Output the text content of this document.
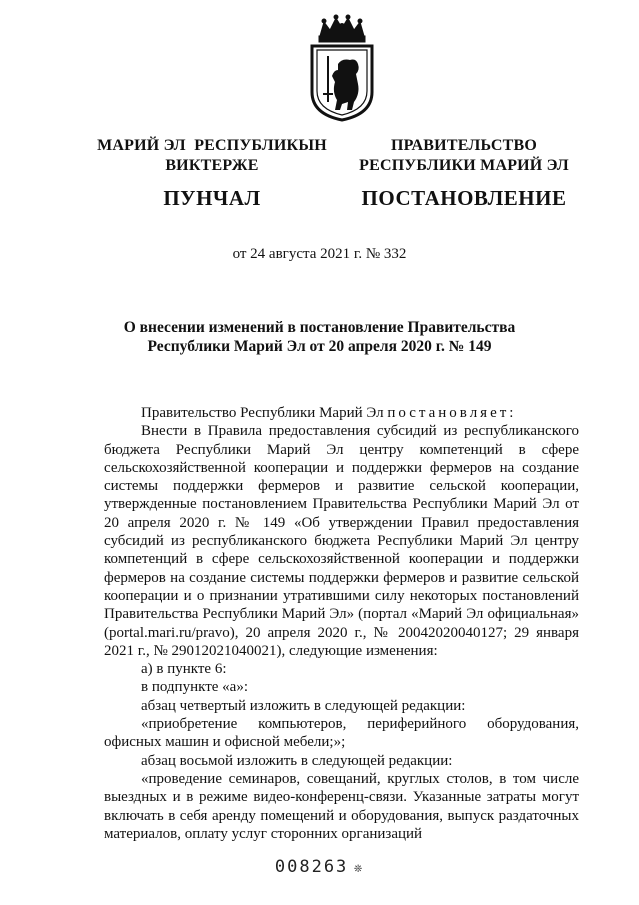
МАРИЙ ЭЛ  РЕСПУБЛИКЫН
ВИКТЕРЖЕ
ПУНЧАЛ
ПРАВИТЕЛЬСТВО
РЕСПУБЛИКИ МАРИЙ ЭЛ
ПОСТАНОВЛЕНИЕ
от 24 августа 2021 г. № 332
О внесении изменений в постановление Правительства
Республики Марий Эл от 20 апреля 2020 г. № 149

Правительство Республики Марий Эл постановляет:

Внести в Правила предоставления субсидий из республиканского бюджета Республики Марий Эл центру компетенций в сфере сельскохозяйственной кооперации и поддержки фермеров на создание системы поддержки фермеров и развитие сельской кооперации, утвержденные постановлением Правительства Республики Марий Эл от 20 апреля 2020 г. № 149 «Об утверждении Правил предоставления субсидий из республиканского бюджета Республики Марий Эл центру компетенций в сфере сельскохозяйственной кооперации и поддержки фермеров на создание системы поддержки фермеров и развитие сельской кооперации и о признании утратившими силу некоторых постановлений Правительства Республики Марий Эл» (портал «Марий Эл официальная» (portal.mari.ru/pravo), 20 апреля 2020 г., № 20042020040127; 29 января 2021 г., № 29012021040021), следующие изменения:

а) в пункте 6:

в подпункте «а»:

абзац четвертый изложить в следующей редакции:

«приобретение компьютеров, периферийного оборудования, офисных машин и офисной мебели;»;

абзац восьмой изложить в следующей редакции:

«проведение семинаров, совещаний, круглых столов, в том числе выездных и в режиме видео-конференц-связи. Указанные затраты могут включать в себя аренду помещений и оборудования, выпуск раздаточных материалов, оплату услуг сторонних организаций

008263 ❊
